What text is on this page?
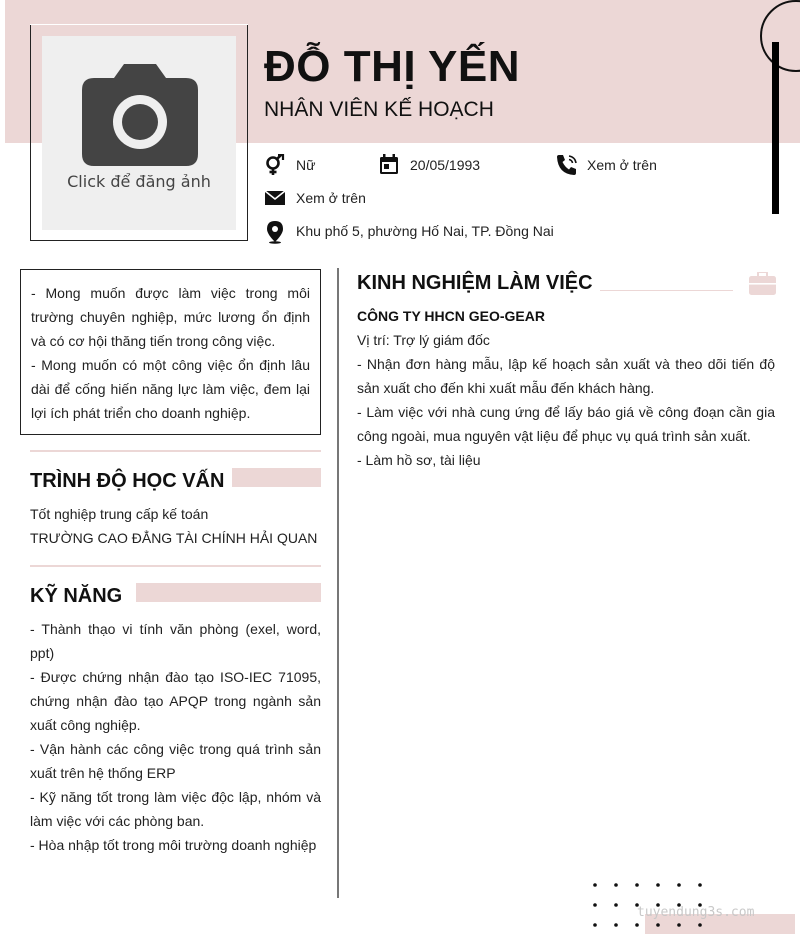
Click để đăng ảnh
ĐỖ THỊ YẾN
NHÂN VIÊN KẾ HOẠCH
Nữ	20/05/1993	Xem ở trên
Xem ở trên
Khu phố 5, phường Hố Nai, TP. Đồng Nai

- Mong muốn được làm việc trong môi trường chuyên nghiệp, mức lương ổn định và có cơ hội thăng tiến trong công việc.

- Mong muốn có một công việc ổn định lâu dài để cống hiến năng lực làm việc, đem lại lợi ích phát triển cho doanh nghiệp.

TRÌNH ĐỘ HỌC VẤN
Tốt nghiệp trung cấp kế toán
TRƯỜNG CAO ĐẲNG TÀI CHÍNH HẢI QUAN
KỸ NĂNG
- Thành thạo vi tính văn phòng (exel, word, ppt)
- Được chứng nhận đào tạo ISO-IEC 71095, chứng nhận đào tạo APQP trong ngành sản xuất công nghiệp.
- Vận hành các công việc trong quá trình sản xuất trên hệ thống ERP
- Kỹ năng tốt trong làm việc độc lập, nhóm và làm việc với các phòng ban.
- Hòa nhập tốt trong môi trường doanh nghiệp
KINH NGHIỆM LÀM VIỆC
CÔNG TY HHCN GEO-GEAR
Vị trí: Trợ lý giám đốc
- Nhận đơn hàng mẫu, lập kế hoạch sản xuất và theo dõi tiến độ sản xuất cho đến khi xuất mẫu đến khách hàng.
- Làm việc với nhà cung ứng để lấy báo giá về công đoạn cần gia công ngoài, mua nguyên vật liệu để phục vụ quá trình sản xuất.
- Làm hồ sơ, tài liệu
tuyendung3s.com
